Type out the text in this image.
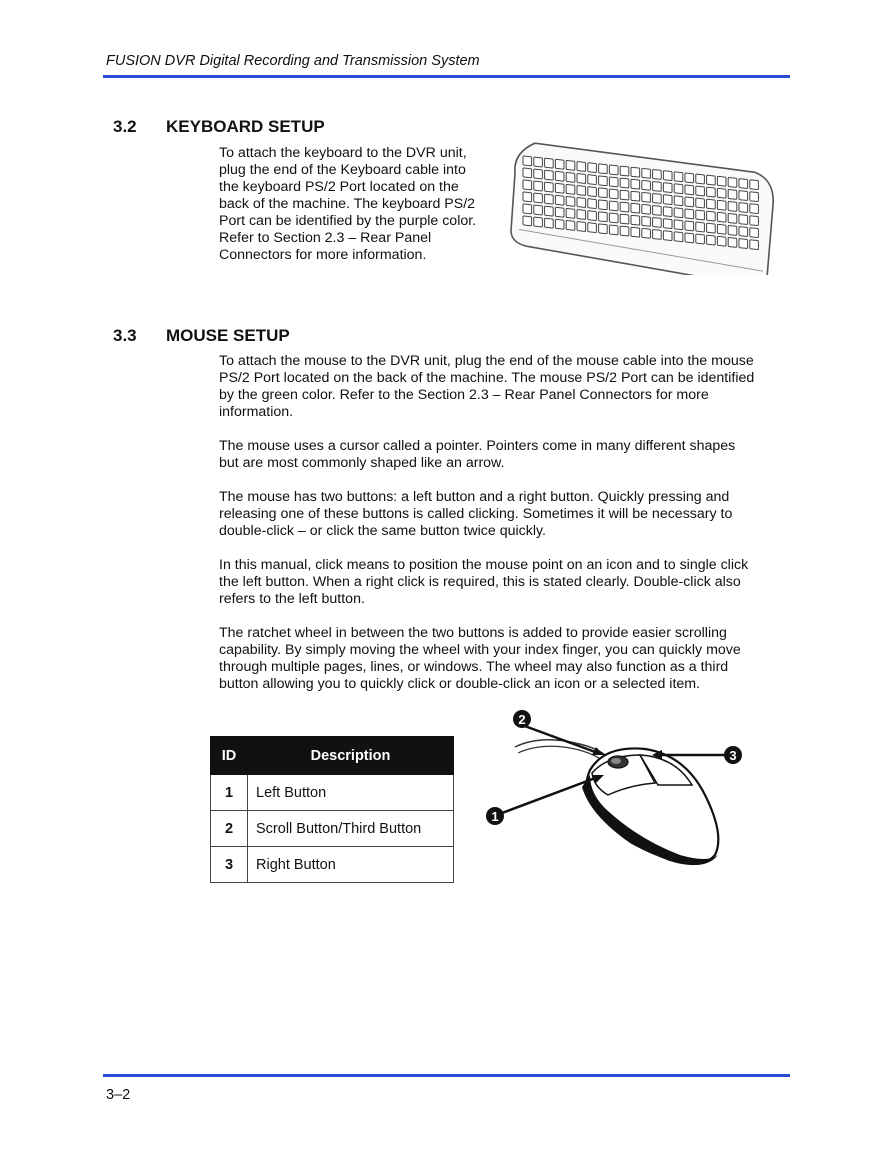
FUSION DVR Digital Recording and Transmission System
3.2 KEYBOARD SETUP

To attach the keyboard to the DVR unit,
plug the end of the Keyboard cable into
the keyboard PS/2 Port located on the
back of the machine. The keyboard PS/2
Port can be identified by the purple color.
Refer to Section 2.3 – Rear Panel
Connectors for more information.

3.3 MOUSE SETUP

To attach the mouse to the DVR unit, plug the end of the mouse cable into the mouse
PS/2 Port located on the back of the machine. The mouse PS/2 Port can be identified
by the green color. Refer to the Section 2.3 – Rear Panel Connectors for more
information.

The mouse uses a cursor called a pointer. Pointers come in many different shapes
but are most commonly shaped like an arrow.

The mouse has two buttons: a left button and a right button. Quickly pressing and
releasing one of these buttons is called clicking. Sometimes it will be necessary to
double-click – or click the same button twice quickly.

In this manual, click means to position the mouse point on an icon and to single click
the left button. When a right click is required, this is stated clearly. Double-click also
refers to the left button.

The ratchet wheel in between the two buttons is added to provide easier scrolling
capability. By simply moving the wheel with your index finger, you can quickly move
through multiple pages, lines, or windows. The wheel may also function as a third
button allowing you to quickly click or double-click an icon or a selected item.

ID	Description
1	Left Button
2	Scroll Button/Third Button
3	Right Button
2
3
1
3–2
